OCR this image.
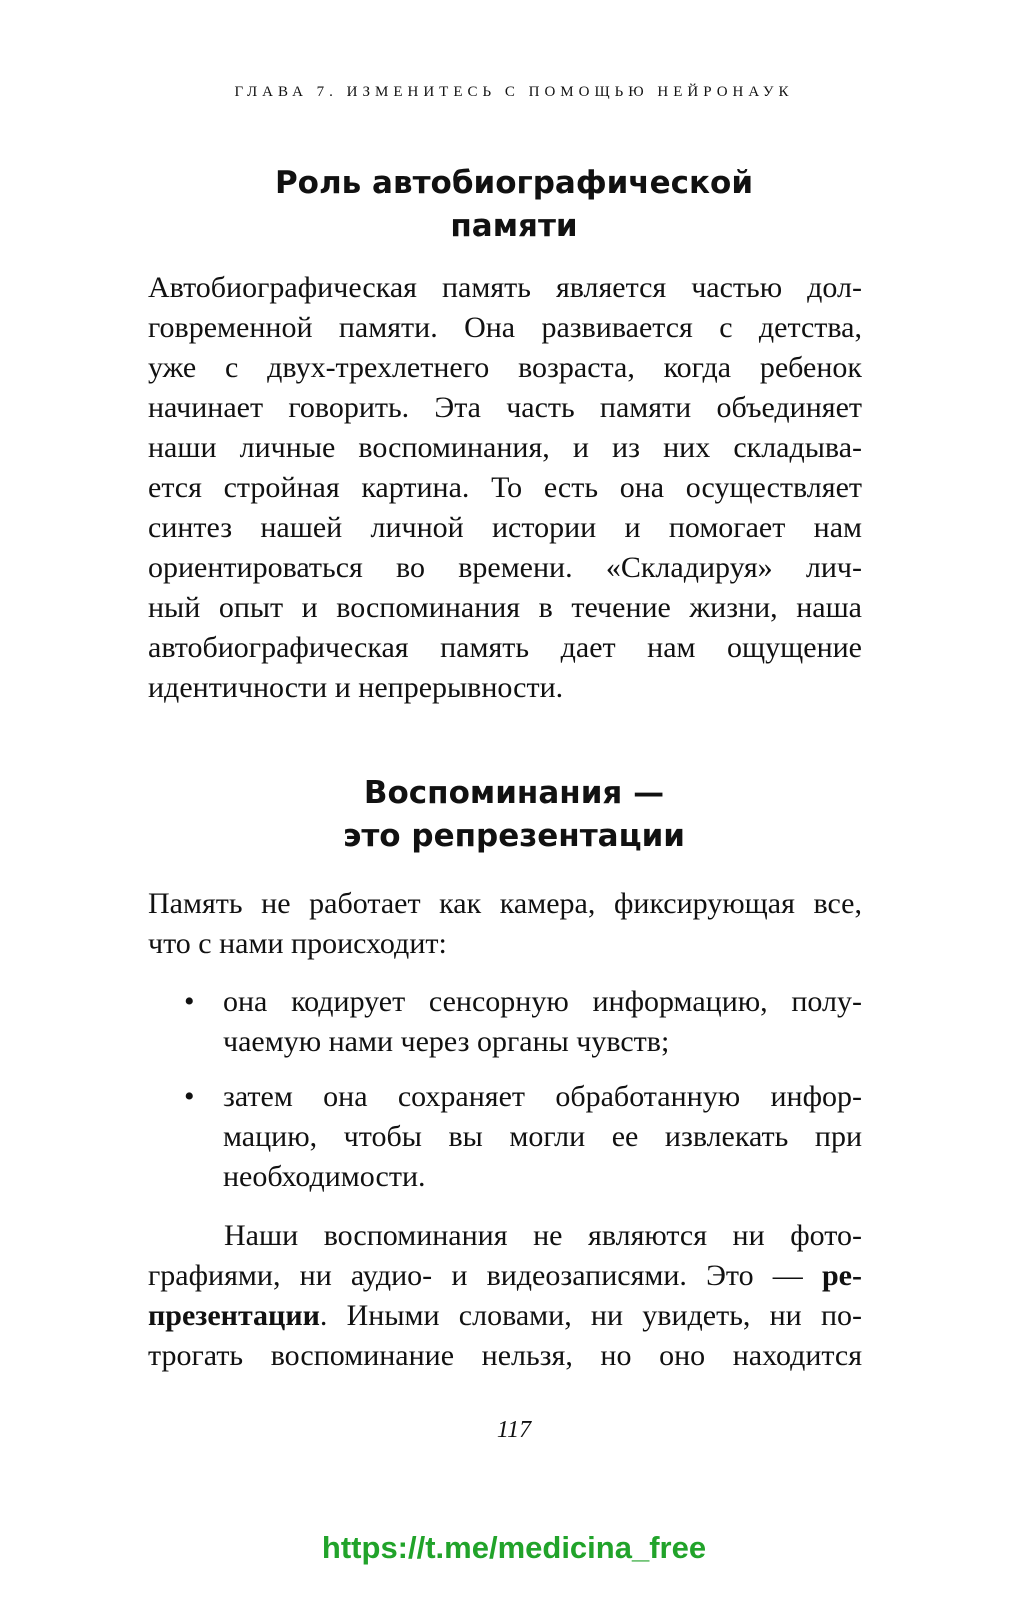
ГЛАВА 7. ИЗМЕНИТЕСЬ С ПОМОЩЬЮ НЕЙРОНАУК
Роль автобиографической
памяти

Автобиографическая память является частью дол-
говременной памяти. Она развивается с детства,
уже с двух-трехлетнего возраста, когда ребенок
начинает говорить. Эта часть памяти объединяет
наши личные воспоминания, и из них складыва-
ется стройная картина. То есть она осуществляет
синтез нашей личной истории и помогает нам
ориентироваться во времени. «Складируя» лич-
ный опыт и воспоминания в течение жизни, наша
автобиографическая память дает нам ощущение
идентичности и непрерывности.

Воспоминания —
это репрезентации

Память не работает как камера, фиксирующая все,
что с нами происходит:

• она кодирует сенсорную информацию, полу-
чаемую нами через органы чувств;
• затем она сохраняет обработанную инфор-
мацию, чтобы вы могли ее извлекать при
необходимости.

Наши воспоминания не являются ни фото-
графиями, ни аудио- и видеозаписями. Это — ре-
презентации. Иными словами, ни увидеть, ни по-
трогать воспоминание нельзя, но оно находится

117
https://t.me/medicina_free
